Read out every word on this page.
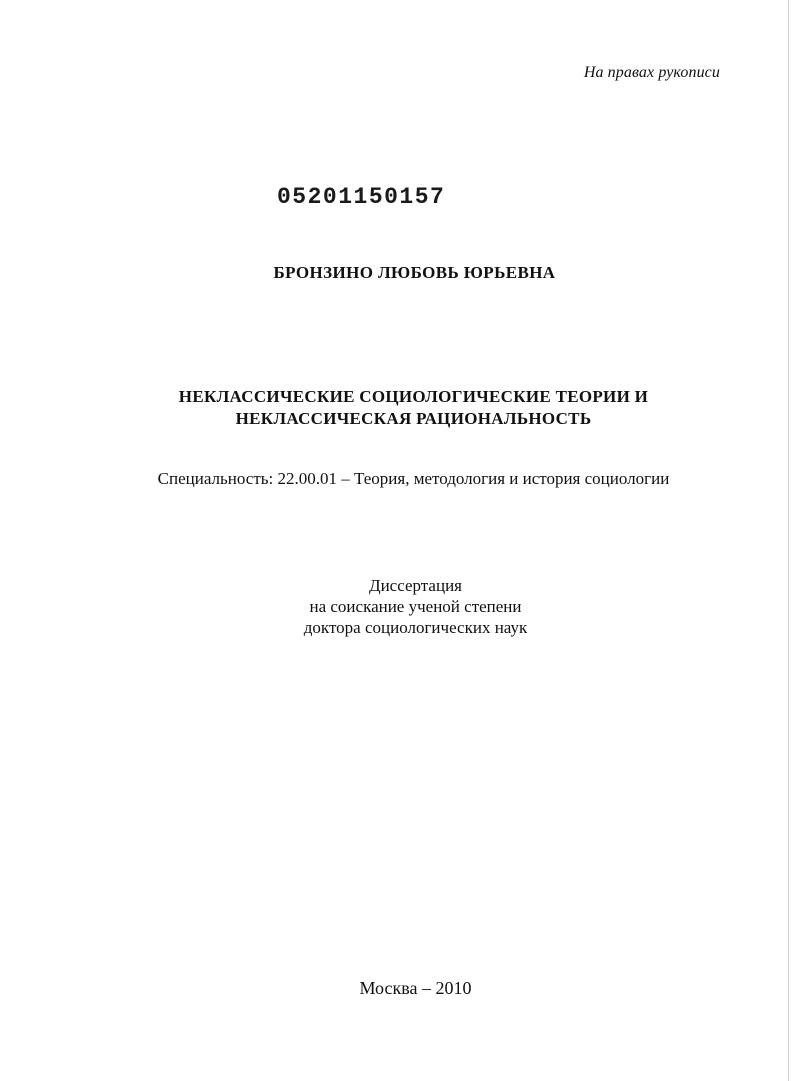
На правах рукописи
05201150157
БРОНЗИНО ЛЮБОВЬ ЮРЬЕВНА
НЕКЛАССИЧЕСКИЕ СОЦИОЛОГИЧЕСКИЕ ТЕОРИИ И
НЕКЛАССИЧЕСКАЯ РАЦИОНАЛЬНОСТЬ
Специальность: 22.00.01 – Теория, методология и история социологии
Диссертация
на соискание ученой степени
доктора социологических наук
Москва – 2010
